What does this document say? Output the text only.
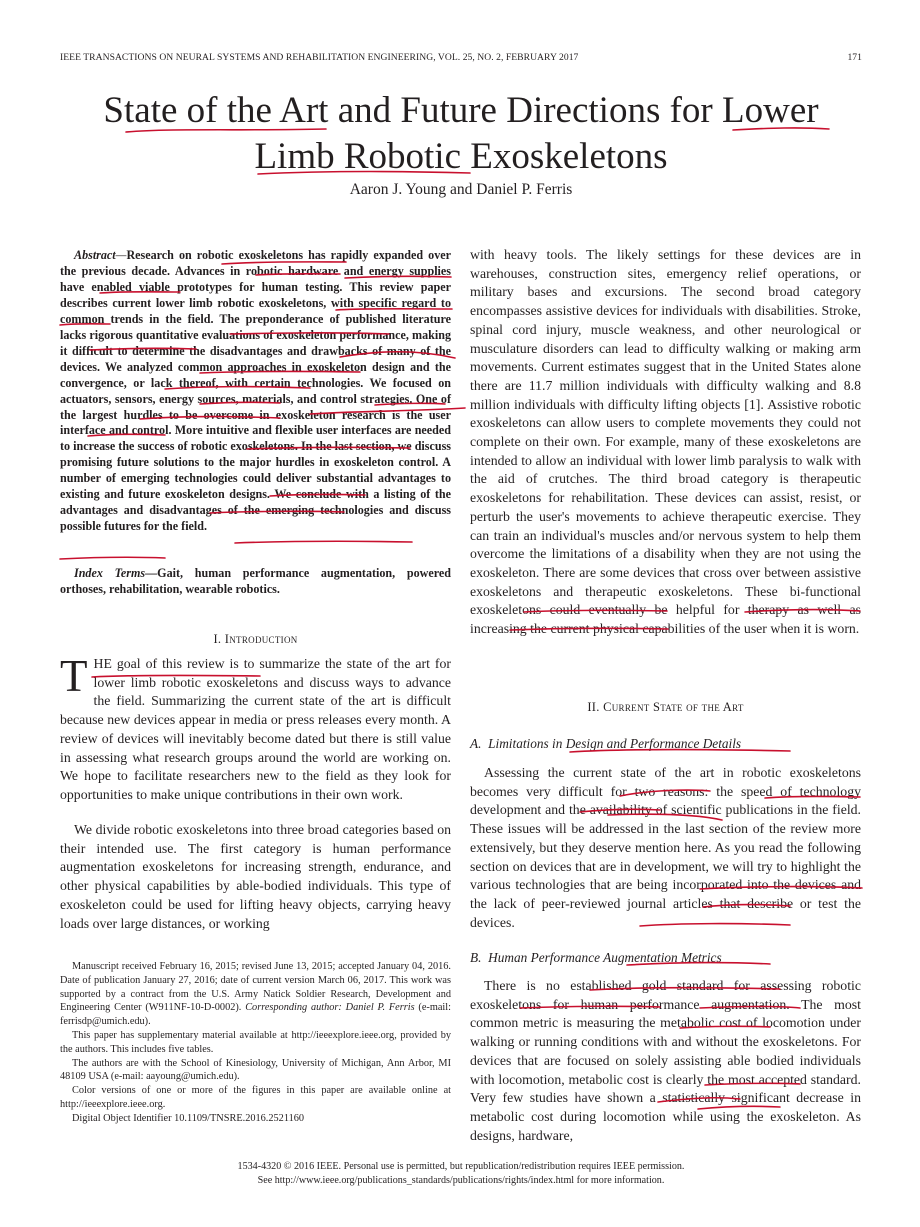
IEEE TRANSACTIONS ON NEURAL SYSTEMS AND REHABILITATION ENGINEERING, VOL. 25, NO. 2, FEBRUARY 2017	171
State of the Art and Future Directions for Lower
Limb Robotic Exoskeletons
Aaron J. Young and Daniel P. Ferris
Abstract—Research on robotic exoskeletons has rapidly expanded over the previous decade. Advances in robotic hardware and energy supplies have enabled viable prototypes for human testing. This review paper describes current lower limb robotic exoskeletons, with specific regard to common trends in the field. The preponderance of published literature lacks rigorous quantitative evaluations of exoskeleton performance, making it difficult to determine the disadvantages and drawbacks of many of the devices. We analyzed common approaches in exoskeleton design and the convergence, or lack thereof, with certain technologies. We focused on actuators, sensors, energy sources, materials, and control strategies. One of the largest hurdles to be overcome in exoskeleton research is the user interface and control. More intuitive and flexible user interfaces are needed to increase the success of robotic exoskeletons. In the last section, we discuss promising future solutions to the major hurdles in exoskeleton control. A number of emerging technologies could deliver substantial advantages to existing and future exoskeleton designs. We conclude with a listing of the advantages and disadvantages of the emerging technologies and discuss possible futures for the field.
Index Terms—Gait, human performance augmentation, powered orthoses, rehabilitation, wearable robotics.
I. Introduction
THE goal of this review is to summarize the state of the art for lower limb robotic exoskeletons and discuss ways to advance the field. Summarizing the current state of the art is difficult because new devices appear in media or press releases every month. A review of devices will inevitably become dated but there is still value in assessing what research groups around the world are working on. We hope to facilitate researchers new to the field as they look for opportunities to make unique contributions in their own work.
We divide robotic exoskeletons into three broad categories based on their intended use. The first category is human performance augmentation exoskeletons for increasing strength, endurance, and other physical capabilities by able-bodied individuals. This type of exoskeleton could be used for lifting heavy objects, carrying heavy loads over large distances, or working

Manuscript received February 16, 2015; revised June 13, 2015; accepted January 04, 2016. Date of publication January 27, 2016; date of current version March 06, 2017. This work was supported by a contract from the U.S. Army Natick Soldier Research, Development and Engineering Center (W911NF-10-D-0002). Corresponding author: Daniel P. Ferris (e-mail: ferrisdp@umich.edu).

This paper has supplementary material available at http://ieeexplore.ieee.org, provided by the authors. This includes five tables.

The authors are with the School of Kinesiology, University of Michigan, Ann Arbor, MI 48109 USA (e-mail: aayoung@umich.edu).

Color versions of one or more of the figures in this paper are available online at http://ieeexplore.ieee.org.

Digital Object Identifier 10.1109/TNSRE.2016.2521160

with heavy tools. The likely settings for these devices are in warehouses, construction sites, emergency relief operations, or military bases and excursions. The second broad category encompasses assistive devices for individuals with disabilities. Stroke, spinal cord injury, muscle weakness, and other neurological or musculature disorders can lead to difficulty walking or making arm movements. Current estimates suggest that in the United States alone there are 11.7 million individuals with difficulty walking and 8.8 million individuals with difficulty lifting objects [1]. Assistive robotic exoskeletons can allow users to complete movements they could not complete on their own. For example, many of these exoskeletons are intended to allow an individual with lower limb paralysis to walk with the aid of crutches. The third broad category is therapeutic exoskeletons for rehabilitation. These devices can assist, resist, or perturb the user's movements to achieve therapeutic exercise. They can train an individual's muscles and/or nervous system to help them overcome the limitations of a disability when they are not using the exoskeleton. There are some devices that cross over between assistive exoskeletons and therapeutic exoskeletons. These bi-functional exoskeletons could eventually be helpful for therapy as well as increasing the current physical capabilities of the user when it is worn.
II. Current State of the Art
A. Limitations in Design and Performance Details
Assessing the current state of the art in robotic exoskeletons becomes very difficult for two reasons: the speed of technology development and the availability of scientific publications in the field. These issues will be addressed in the last section of the review more extensively, but they deserve mention here. As you read the following section on devices that are in development, we will try to highlight the various technologies that are being incorporated into the devices and the lack of peer-reviewed journal articles that describe or test the devices.
B. Human Performance Augmentation Metrics
There is no established gold standard for assessing robotic exoskeletons for human performance augmentation. The most common metric is measuring the metabolic cost of locomotion under walking or running conditions with and without the exoskeletons. For devices that are focused on solely assisting able bodied individuals with locomotion, metabolic cost is clearly the most accepted standard. Very few studies have shown a statistically significant decrease in metabolic cost during locomotion while using the exoskeleton. As designs, hardware,
1534-4320 © 2016 IEEE. Personal use is permitted, but republication/redistribution requires IEEE permission.
See http://www.ieee.org/publications_standards/publications/rights/index.html for more information.
